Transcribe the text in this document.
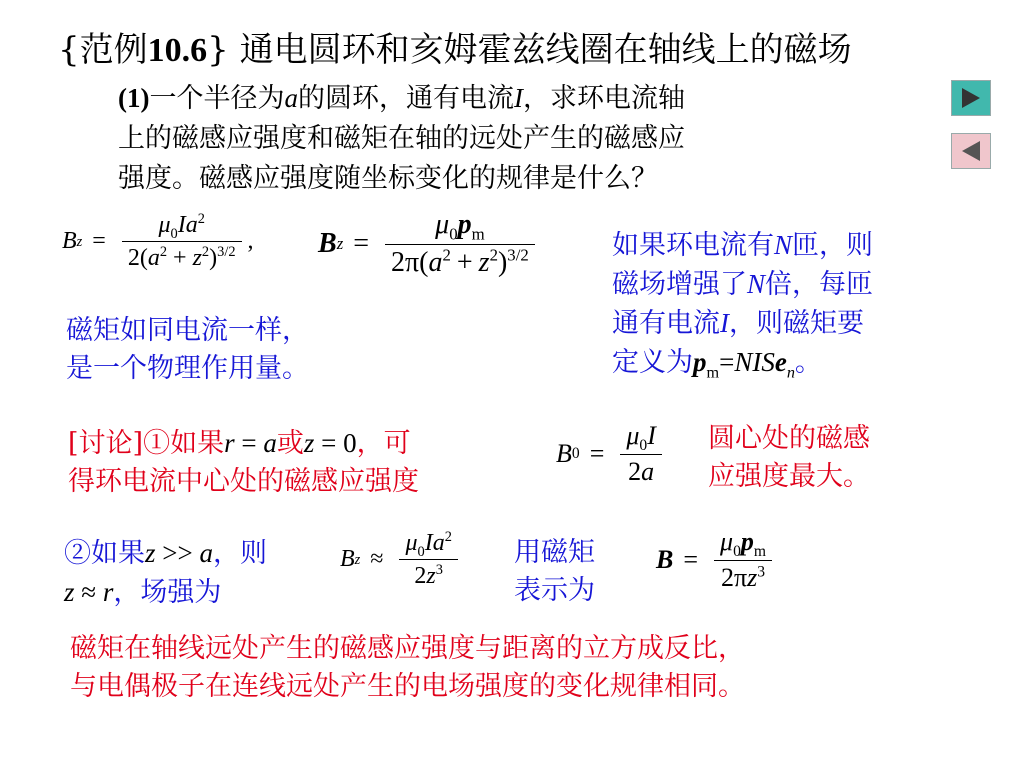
{范例10.6} 通电圆环和亥姆霍兹线圈在轴线上的磁场
(1)一个半径为a的圆环，通有电流I，求环电流轴
上的磁感应强度和磁矩在轴的远处产生的磁感应
强度。磁感应强度随坐标变化的规律是什么？
B $z = \frac{\mu_0Ia^2}{2(a^2 + z^2)^{3/2}}$ , B $z = \frac{\mu_0p_m}{2\pi(a^2 + z^2)^{3/2}}$	如果环电流有N匝，则
磁场增强了N倍，每匝
通有电流I，则磁矩要
定义为$p_m=NISe_n$。
磁矩如同电流一样，
是一个物理作用量。
[讨论]①如果r = a或z = 0，可
得环电流中心处的磁感应强度
B $0 = \frac{\mu_0I}{2a}$ 圆心处的磁感
应强度最大。
②如果z >> a，则
z ≈ r，场强为
B $z \approx \frac{\mu_0Ia^2}{2z^3}$ 用磁矩
表示为
$B = \frac{\mu_0p_m}{2\pi z^3}$
磁矩在轴线远处产生的磁感应强度与距离的立方成反比，
与电偶极子在连线远处产生的电场强度的变化规律相同。
